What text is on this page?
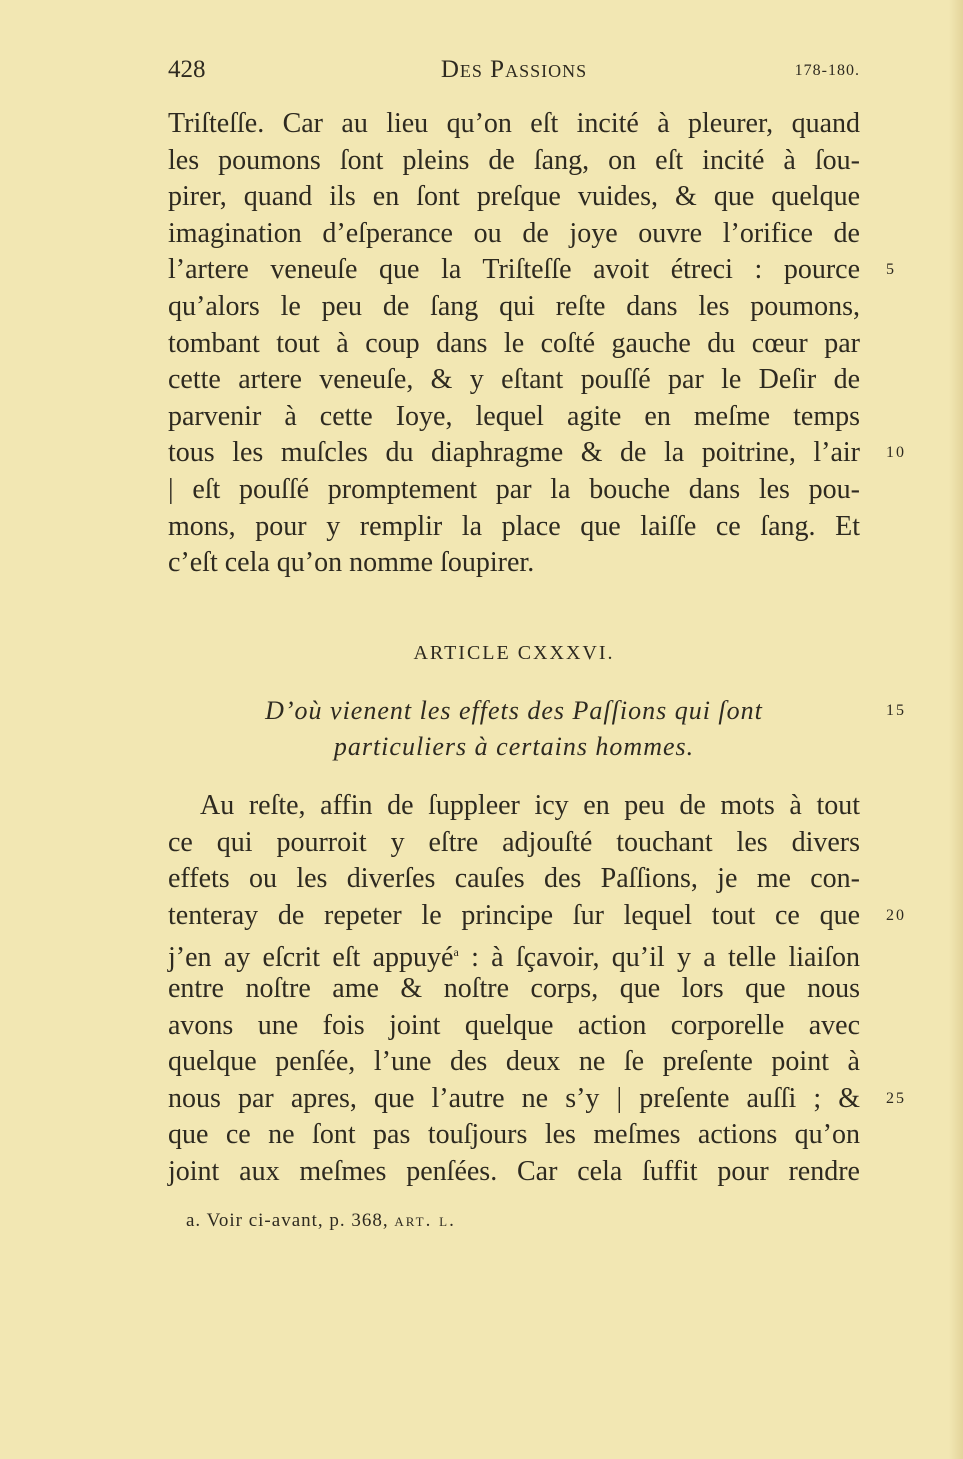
428	Des Passions	178-180.
Triſteſſe. Car au lieu qu’on eſt incité à pleurer, quand
les poumons ſont pleins de ſang, on eſt incité à ſou-
pirer, quand ils en ſont preſque vuides, & que quelque
imagination d’eſperance ou de joye ouvre l’orifice de
l’artere veneuſe que la Triſteſſe avoit étreci : pource 5
qu’alors le peu de ſang qui reſte dans les poumons,
tombant tout à coup dans le coſté gauche du cœur par
cette artere veneuſe, & y eſtant pouſſé par le Deſir de
parvenir à cette Ioye, lequel agite en meſme temps
tous les muſcles du diaphragme & de la poitrine, l’air 10
| eſt pouſſé promptement par la bouche dans les pou-
mons, pour y remplir la place que laiſſe ce ſang. Et
c’eſt cela qu’on nomme ſoupirer.
ARTICLE CXXXVI.
D’où vienent les effets des Paſſions qui ſont	15
particuliers à certains hommes.
Au reſte, affin de ſuppleer icy en peu de mots à tout
ce qui pourroit y eſtre adjouſté touchant les divers
effets ou les diverſes cauſes des Paſſions, je me con-
tenteray de repeter le principe ſur lequel tout ce que 20
j’en ay eſcrit eſt appuyé$^a$ : à ſçavoir, qu’il y a telle liaiſon
entre noſtre ame & noſtre corps, que lors que nous
avons une fois joint quelque action corporelle avec
quelque penſée, l’une des deux ne ſe preſente point à
nous par apres, que l’autre ne s’y | preſente auſſi ; & 25
que ce ne ſont pas touſjours les meſmes actions qu’on
joint aux meſmes penſées. Car cela ſuffit pour rendre
a. Voir ci-avant, p. 368, art. l.
